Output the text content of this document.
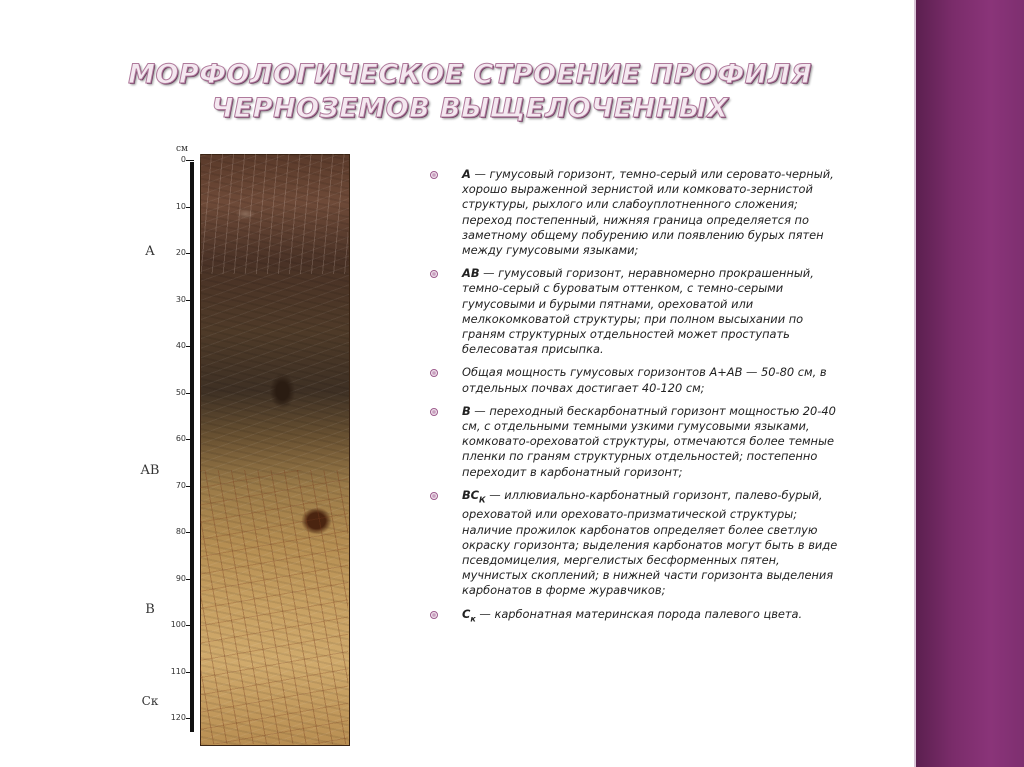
МОРФОЛОГИЧЕСКОЕ СТРОЕНИЕ ПРОФИЛЯ
ЧЕРНОЗЕМОВ ВЫЩЕЛОЧЕННЫХ
см
0
10
20
30
40
50
60
70
80
90
100
110
120
A
AB
B
Cк
А — гумусовый горизонт, темно-серый или серовато-черный, хорошо выраженной зернистой или комковато-зернистой структуры, рыхлого или слабоуплотненного сложения; переход постепенный, нижняя граница определяется по заметному общему побурению или появлению бурых пятен между гумусовыми языками;
АВ — гумусовый горизонт, неравномерно прокрашенный, темно-серый с буроватым оттенком, с темно-серыми гумусовыми и бурыми пятнами, ореховатой или мелкокомковатой структуры; при полном высыхании по граням структурных отдельностей может проступать белесоватая присыпка.
Общая мощность гумусовых горизонтов А+АВ — 50-80 см, в отдельных почвах достигает 40-120 см;
В — переходный бескарбонатный горизонт мощностью 20-40 см, с отдельными темными узкими гумусовыми языками, комковато-ореховатой структуры, отмечаются более темные пленки по граням структурных отдельностей; постепенно переходит в карбонатный горизонт;
$ВС_К$ — иллювиально-карбонатный горизонт, палево-бурый, ореховатой или ореховато-призматической структуры; наличие прожилок карбонатов определяет более светлую окраску горизонта; выделения карбонатов могут быть в виде псевдомицелия, мергелистых бесформенных пятен, мучнистых скоплений; в нижней части горизонта выделения карбонатов в форме журавчиков;
$С_к$ — карбонатная материнская порода палевого цвета.
